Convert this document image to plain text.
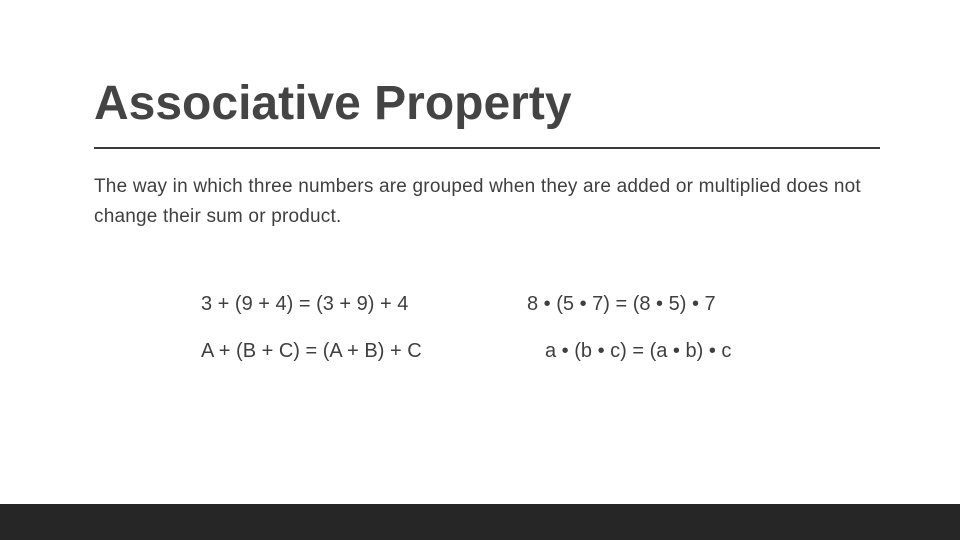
Associative Property

The way in which three numbers are grouped when they are added or multiplied does not change their sum or product.

3 + (9 + 4) = (3 + 9) + 4	8 • (5 • 7) = (8 • 5) • 7

A + (B + C) = (A + B) + C	a • (b • c) = (a • b) • c
